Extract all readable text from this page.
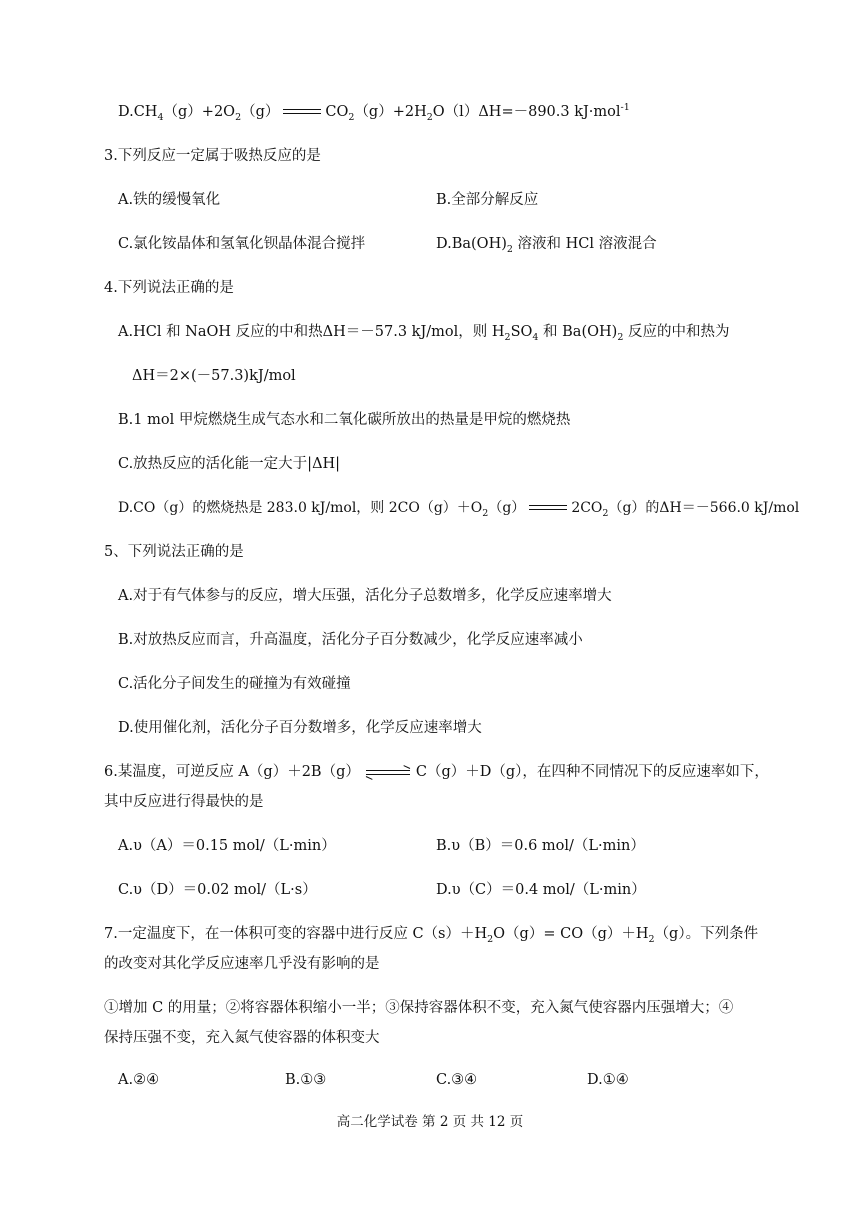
$D.CH_4(g)+2O_2(g)$	$CO_2(g)+2H_2O(l)\Delta H=-890.3$ kJ·mol$^{-1}$
3.下列反应一定属于吸热反应的是
A.铁的缓慢氧化	B.全部分解反应
C.氯化铵晶体和氢氧化钡晶体混合搅拌	$D.Ba(OH)_2$ 溶液和 HCl 溶液混合
4.下列说法正确的是
A.HCl 和 NaOH 反应的中和热ΔH＝－57.3 kJ/mol，则 $H_2SO_4$ 和 $Ba(OH)_2$ 反应的中和热为
ΔH＝2×(－57.3)kJ/mol
B.1 mol 甲烷燃烧生成气态水和二氧化碳所放出的热量是甲烷的燃烧热
C.放热反应的活化能一定大于|ΔH|
D.CO（g）的燃烧热是 283.0 kJ/mol，则 $2CO(g)+O_2(g)$	$2CO_2(g)$的ΔH＝－566.0 kJ/mol
5、下列说法正确的是
A.对于有气体参与的反应，增大压强，活化分子总数增多，化学反应速率增大
B.对放热反应而言，升高温度，活化分子百分数减少，化学反应速率减小
C.活化分子间发生的碰撞为有效碰撞
D.使用催化剂，活化分子百分数增多，化学反应速率增大
6.某温度，可逆反应 A（g）＋2B（g） ⇌ C（g）＋D（g），在四种不同情况下的反应速率如下，
其中反应进行得最快的是
A.υ（A）＝0.15 mol/（L·min）	B.υ（B）＝0.6 mol/（L·min）
C.υ（D）＝0.02 mol/（L·s）	D.υ（C）＝0.4 mol/（L·min）
7.一定温度下，在一体积可变的容器中进行反应 $C(s)+H_2O(g)= CO(g)+H_2(g)$。下列条件
的改变对其化学反应速率几乎没有影响的是
①增加 C 的用量；②将容器体积缩小一半；③保持容器体积不变，充入氮气使容器内压强增大；④
保持压强不变，充入氮气使容器的体积变大
A.②④	B.①③	C.③④	D.①④
高二化学试卷 第 2 页 共 12 页
